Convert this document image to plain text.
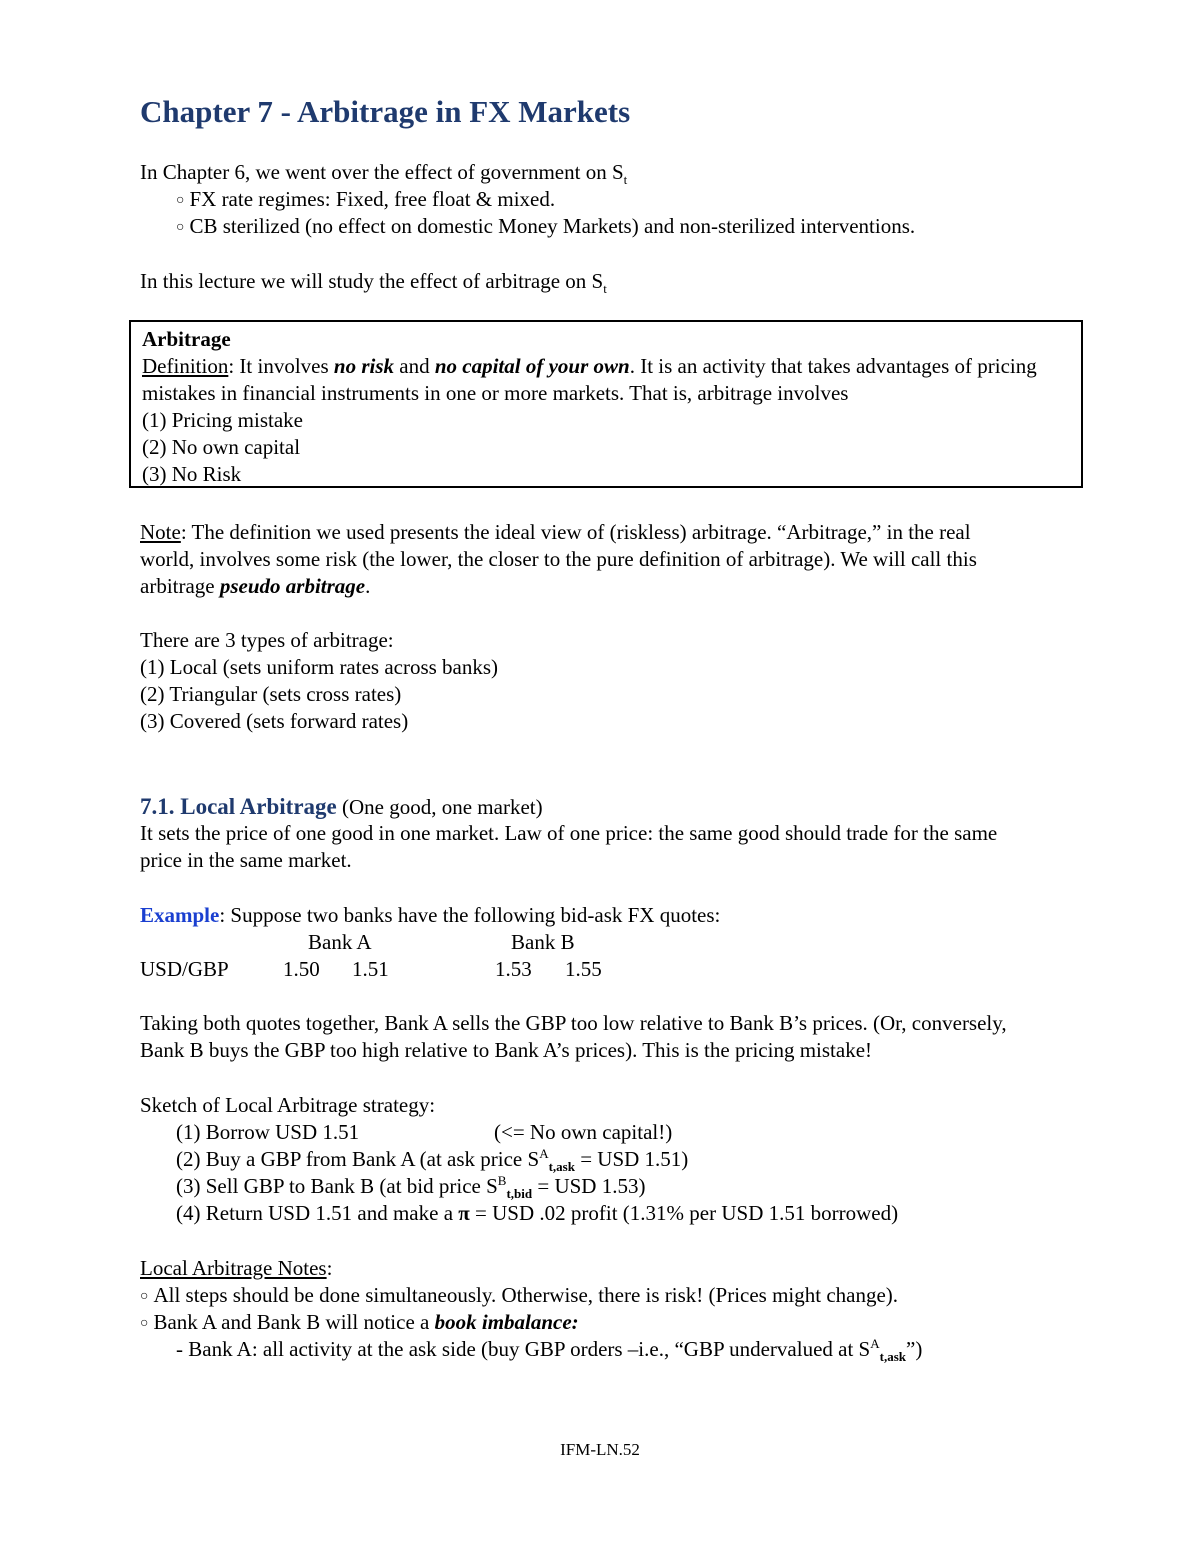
Chapter 7 - Arbitrage in FX Markets
In Chapter 6, we went over the effect of government on $S_t$
○ FX rate regimes: Fixed, free float & mixed.
○ CB sterilized (no effect on domestic Money Markets) and non-sterilized interventions.
In this lecture we will study the effect of arbitrage on $S_t$
Arbitrage
Definition: It involves no risk and no capital of your own. It is an activity that takes advantages of pricing
mistakes in financial instruments in one or more markets. That is, arbitrage involves
(1) Pricing mistake
(2) No own capital
(3) No Risk
Note: The definition we used presents the ideal view of (riskless) arbitrage. “Arbitrage,” in the real
world, involves some risk (the lower, the closer to the pure definition of arbitrage). We will call this
arbitrage pseudo arbitrage.
There are 3 types of arbitrage:
(1) Local (sets uniform rates across banks)
(2) Triangular (sets cross rates)
(3) Covered (sets forward rates)
7.1. Local Arbitrage (One good, one market)
It sets the price of one good in one market. Law of one price: the same good should trade for the same
price in the same market.
Example: Suppose two banks have the following bid-ask FX quotes:
Bank A	Bank B
USD/GBP	1.50 1.51	1.53 1.55
Taking both quotes together, Bank A sells the GBP too low relative to Bank B’s prices. (Or, conversely,
Bank B buys the GBP too high relative to Bank A’s prices). This is the pricing mistake!
Sketch of Local Arbitrage strategy:
(1) Borrow USD 1.51	(<= No own capital!)
(2) Buy a GBP from Bank A (at ask price $S^A_{t,ask}$ = USD 1.51)
(3) Sell GBP to Bank B (at bid price $S^B_{t,bid}$ = USD 1.53)
(4) Return USD 1.51 and make a π = USD .02 profit (1.31% per USD 1.51 borrowed)
Local Arbitrage Notes:
○ All steps should be done simultaneously. Otherwise, there is risk! (Prices might change).
○ Bank A and Bank B will notice a book imbalance:
- Bank A: all activity at the ask side (buy GBP orders –i.e., “GBP undervalued at $S^A_{t,ask}$”)
IFM-LN.52
